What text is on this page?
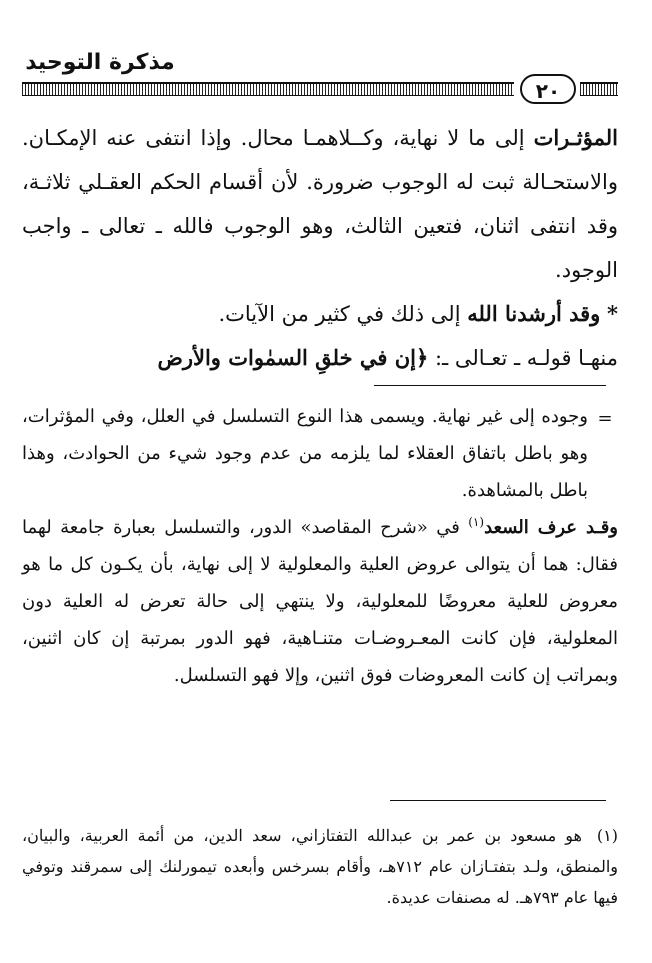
مذكرة التوحيد
٢٠

المؤثـرات إلى ما لا نهاية، وكــلاهمـا محال. وإذا انتفى عنه الإمكـان. والاستحـالة ثبت له الوجوب ضرورة. لأن أقسام الحكم العقـلي ثلاثـة، وقد انتفى اثنان، فتعين الثالث، وهو الوجوب فالله ـ تعالى ـ واجب الوجود.

* وقد أرشدنا الله إلى ذلك في كثير من الآيات.

منهـا قولـه ـ تعـالى ـ: ﴿إن في خلقِ السمٰوات والأرض

=

وجوده إلى غير نهاية. ويسمى هذا النوع التسلسل في العلل، وفي المؤثرات، وهو باطل باتفاق العقلاء لما يلزمه من عدم وجود شيء من الحوادث، وهذا باطل بالمشاهدة.

وقـد عرف السعد$^{(١)}$ في «شرح المقاصد» الدور، والتسلسل بعبارة جامعة لهما فقال: هما أن يتوالى عروض العلية والمعلولية لا إلى نهاية، بأن يكـون كل ما هو معروض للعلية معروضًا للمعلولية، ولا ينتهي إلى حالة تعرض له العلية دون المعلولية، فإن كانت المعـروضـات متنـاهية، فهو الدور بمرتبة إن كان اثنين، وبمراتب إن كانت المعروضات فوق اثنين، وإلا فهو التسلسل.

(١)هو مسعود بن عمر بن عبدالله التفتازاني، سعد الدين، من أئمة العربية، والبيان، والمنطق، ولـد بتفتـازان عام ٧١٢هـ، وأقام بسرخس وأبعده تيمورلنك إلى سمرقند وتوفي فيها عام ٧٩٣هـ. له مصنفات عديدة.
